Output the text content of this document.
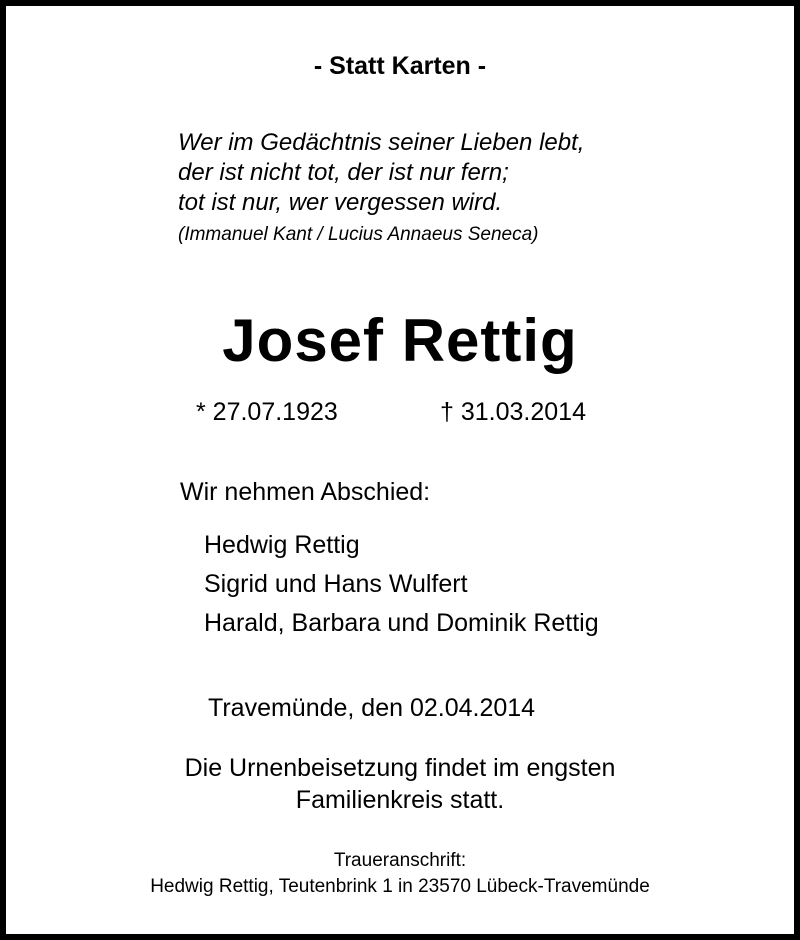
- Statt Karten -
Wer im Gedächtnis seiner Lieben lebt,
der ist nicht tot, der ist nur fern;
tot ist nur, wer vergessen wird.
(Immanuel Kant / Lucius Annaeus Seneca)
Josef Rettig
* 27.07.1923	† 31.03.2014
Wir nehmen Abschied:
Hedwig Rettig
Sigrid und Hans Wulfert
Harald, Barbara und Dominik Rettig
Travemünde, den 02.04.2014
Die Urnenbeisetzung findet im engsten
Familienkreis statt.
Traueranschrift:
Hedwig Rettig, Teutenbrink 1 in 23570 Lübeck-Travemünde
